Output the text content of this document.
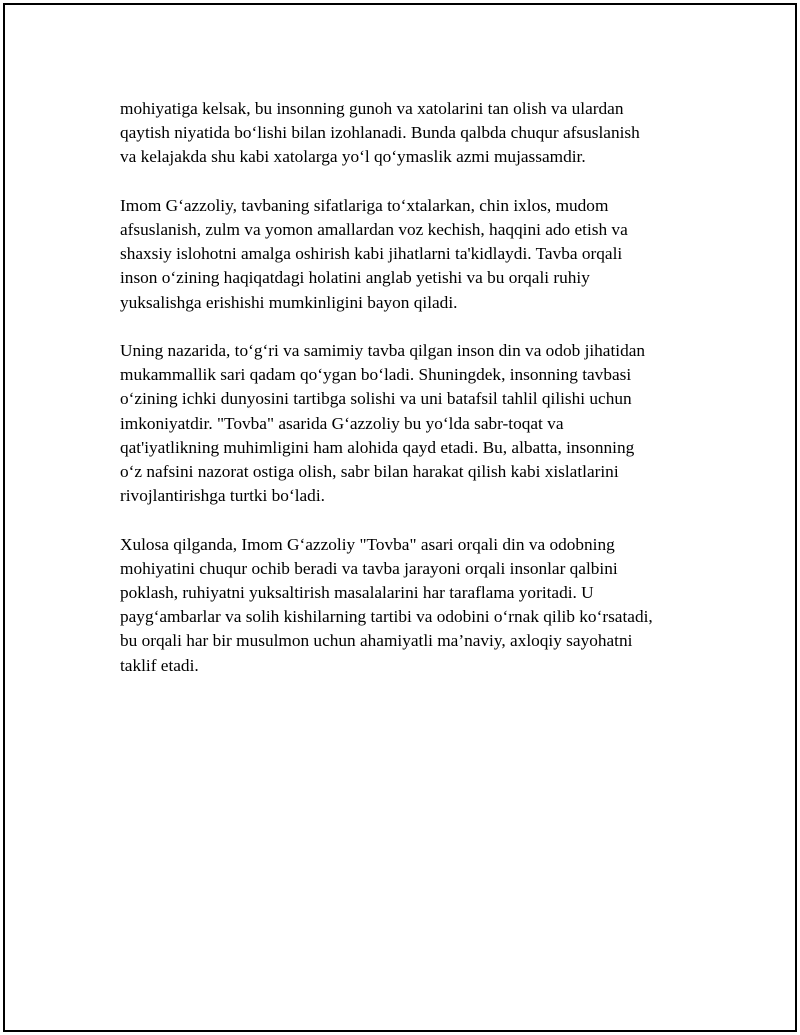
mohiyatiga kelsak, bu insonning gunoh va xatolarini tan olish va ulardan
qaytish niyatida bo‘lishi bilan izohlanadi. Bunda qalbda chuqur afsuslanish
va kelajakda shu kabi xatolarga yo‘l qo‘ymaslik azmi mujassamdir.

Imom G‘azzoliy, tavbaning sifatlariga to‘xtalarkan, chin ixlos, mudom
afsuslanish, zulm va yomon amallardan voz kechish, haqqini ado etish va
shaxsiy islohotni amalga oshirish kabi jihatlarni ta'kidlaydi. Tavba orqali
inson o‘zining haqiqatdagi holatini anglab yetishi va bu orqali ruhiy
yuksalishga erishishi mumkinligini bayon qiladi.

Uning nazarida, to‘g‘ri va samimiy tavba qilgan inson din va odob jihatidan
mukammallik sari qadam qo‘ygan bo‘ladi. Shuningdek, insonning tavbasi
o‘zining ichki dunyosini tartibga solishi va uni batafsil tahlil qilishi uchun
imkoniyatdir. "Tovba" asarida G‘azzoliy bu yo‘lda sabr-toqat va
qat'iyatlikning muhimligini ham alohida qayd etadi. Bu, albatta, insonning
o‘z nafsini nazorat ostiga olish, sabr bilan harakat qilish kabi xislatlarini
rivojlantirishga turtki bo‘ladi.

Xulosa qilganda, Imom G‘azzoliy "Tovba" asari orqali din va odobning
mohiyatini chuqur ochib beradi va tavba jarayoni orqali insonlar qalbini
poklash, ruhiyatni yuksaltirish masalalarini har taraflama yoritadi. U
payg‘ambarlar va solih kishilarning tartibi va odobini o‘rnak qilib ko‘rsatadi,
bu orqali har bir musulmon uchun ahamiyatli ma’naviy, axloqiy sayohatni
taklif etadi.
